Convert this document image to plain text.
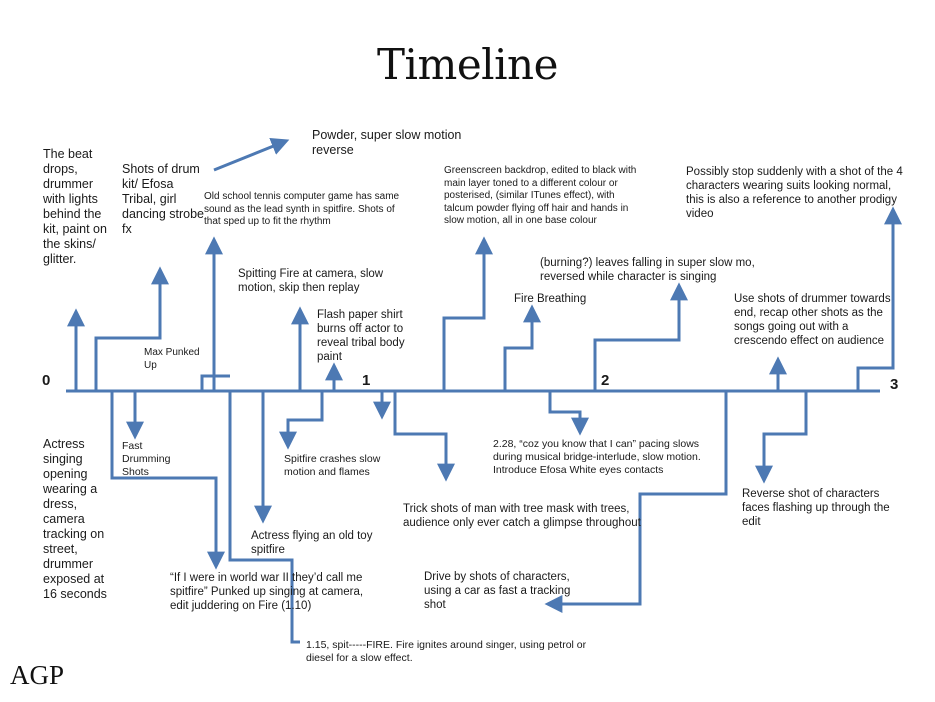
Timeline
0	1	2	3
The beat drops, drummer with lights behind the kit, paint on the skins/ glitter.
Shots of drum kit/ Efosa Tribal, girl dancing strobe fx
Max Punked Up
Old school tennis computer game has same sound as the lead synth in spitfire. Shots of that sped up to fit the rhythm
Powder, super slow motion reverse
Spitting Fire at camera, slow motion, skip then replay
Flash paper shirt burns off actor to reveal tribal body paint
Greenscreen backdrop, edited to black with main layer toned to a different colour or posterised, (similar ITunes effect), with talcum powder flying off hair and hands in slow motion, all in one base colour
Fire Breathing
(burning?) leaves falling in super slow mo, reversed while character is singing
Possibly stop suddenly with a shot of the 4 characters wearing suits looking normal, this is also a reference to another prodigy video
Use shots of drummer towards end, recap other shots as the songs going out with a crescendo effect on audience
Actress singing opening wearing a dress, camera tracking on street, drummer exposed at 16 seconds
Fast Drumming Shots
Spitfire crashes slow motion and flames
Actress flying an old toy spitfire
“If I were in world war II they’d call me spitfire” Punked up singing at camera, edit juddering on Fire (1.10)
1.15, spit-----FIRE. Fire ignites around singer, using petrol or diesel for a slow effect.
Trick shots of man with tree mask with trees, audience only ever catch a glimpse throughout
2.28, “coz you know that I can” pacing slows during musical bridge-interlude, slow motion. Introduce Efosa White eyes contacts
Drive by shots of characters, using a car as fast a tracking shot
Reverse shot of characters faces flashing up through the edit
AGP
